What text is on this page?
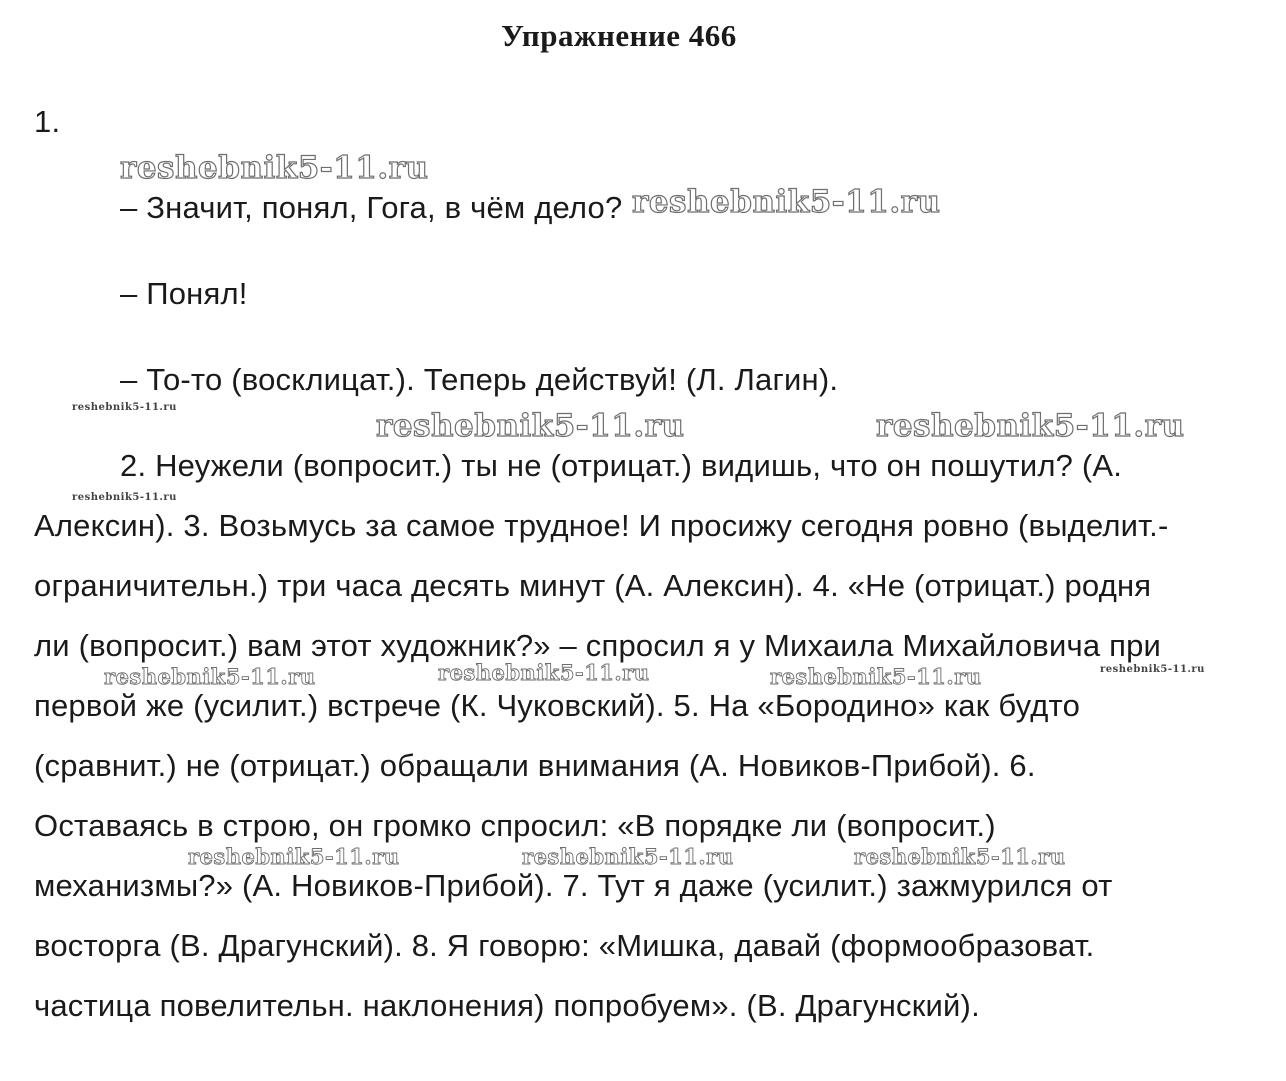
Упражнение 466
1.
– Значит, понял, Гога, в чём дело?
– Понял!
– То-то (восклицат.). Теперь действуй! (Л. Лагин).
2. Неужели (вопросит.) ты не (отрицат.) видишь, что он пошутил? (А.
Алексин). 3. Возьмусь за самое трудное! И просижу сегодня ровно (выделит.-
ограничительн.) три часа десять минут (А. Алексин). 4. «Не (отрицат.) родня
ли (вопросит.) вам этот художник?» – спросил я у Михаила Михайловича при
первой же (усилит.) встрече (К. Чуковский). 5. На «Бородино» как будто
(сравнит.) не (отрицат.) обращали внимания (А. Новиков-Прибой). 6.
Оставаясь в строю, он громко спросил: «В порядке ли (вопросит.)
механизмы?» (А. Новиков-Прибой). 7. Тут я даже (усилит.) зажмурился от
восторга (В. Драгунский). 8. Я говорю: «Мишка, давай (формообразоват.
частица повелительн. наклонения) попробуем». (В. Драгунский).
reshebnik5-11.ru
reshebnik5-11.ru
reshebnik5-11.ru
reshebnik5-11.ru	reshebnik5-11.ru
reshebnik5-11.ru
reshebnik5-11.ru	reshebnik5-11.ru	reshebnik5-11.ru	reshebnik5-11.ru
reshebnik5-11.ru	reshebnik5-11.ru	reshebnik5-11.ru
